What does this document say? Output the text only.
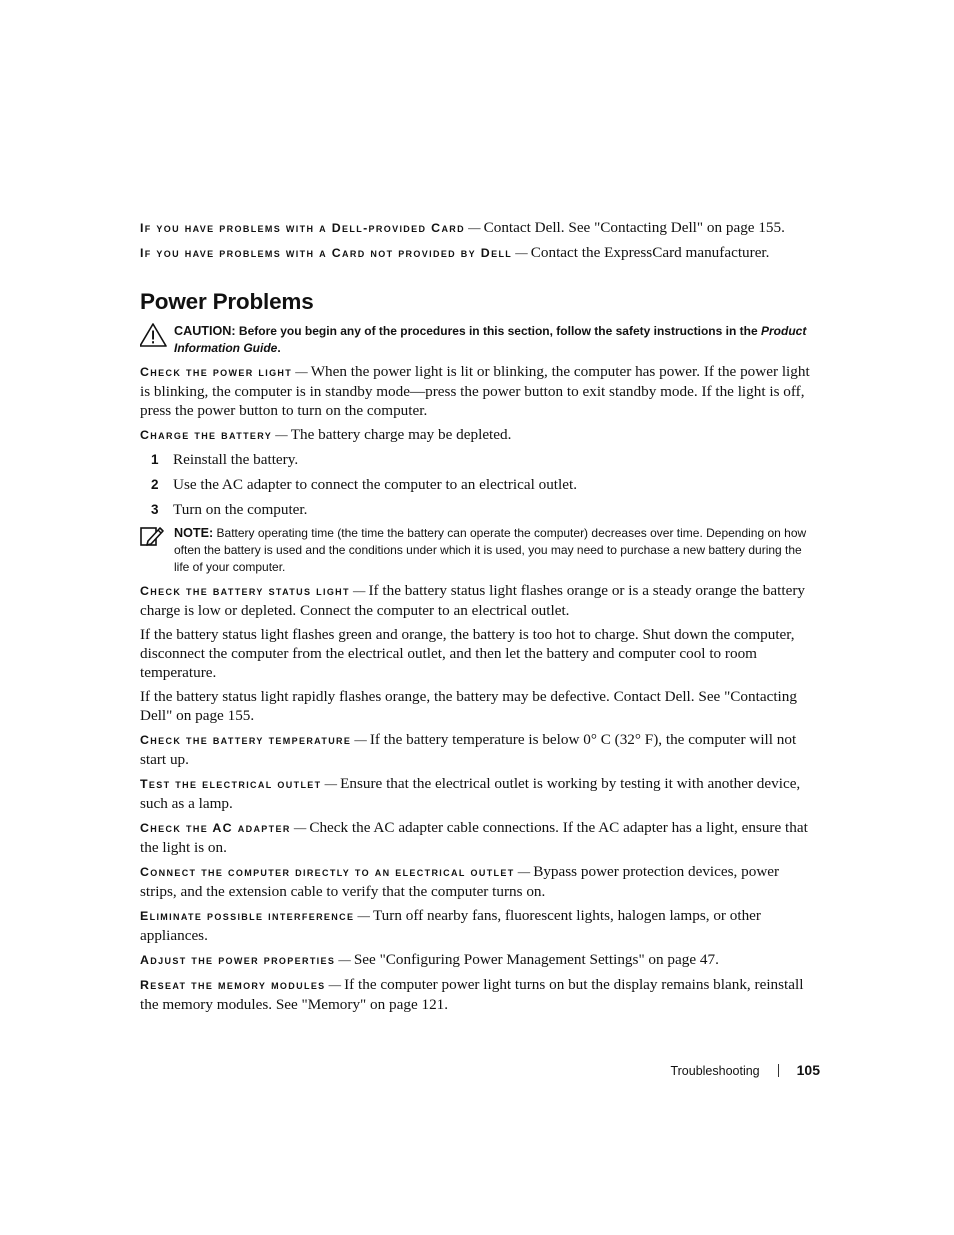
If you have problems with a Dell-provided Card — Contact Dell. See "Contacting Dell" on page 155.

If you have problems with a Card not provided by Dell — Contact the ExpressCard manufacturer.

Power Problems
CAUTION: Before you begin any of the procedures in this section, follow the safety instructions in the Product Information Guide.

Check the power light — When the power light is lit or blinking, the computer has power. If the power light is blinking, the computer is in standby mode—press the power button to exit standby mode. If the light is off, press the power button to turn on the computer.

Charge the battery — The battery charge may be depleted.

1 Reinstall the battery.
2 Use the AC adapter to connect the computer to an electrical outlet.
3 Turn on the computer.
NOTE: Battery operating time (the time the battery can operate the computer) decreases over time. Depending on how often the battery is used and the conditions under which it is used, you may need to purchase a new battery during the life of your computer.

Check the battery status light — If the battery status light flashes orange or is a steady orange the battery charge is low or depleted. Connect the computer to an electrical outlet.

If the battery status light flashes green and orange, the battery is too hot to charge. Shut down the computer, disconnect the computer from the electrical outlet, and then let the battery and computer cool to room temperature.

If the battery status light rapidly flashes orange, the battery may be defective. Contact Dell. See "Contacting Dell" on page 155.

Check the battery temperature — If the battery temperature is below 0° C (32° F), the computer will not start up.

Test the electrical outlet — Ensure that the electrical outlet is working by testing it with another device, such as a lamp.

Check the AC adapter — Check the AC adapter cable connections. If the AC adapter has a light, ensure that the light is on.

Connect the computer directly to an electrical outlet — Bypass power protection devices, power strips, and the extension cable to verify that the computer turns on.

Eliminate possible interference — Turn off nearby fans, fluorescent lights, halogen lamps, or other appliances.

Adjust the power properties — See "Configuring Power Management Settings" on page 47.

Reseat the memory modules — If the computer power light turns on but the display remains blank, reinstall the memory modules. See "Memory" on page 121.

Troubleshooting	105
